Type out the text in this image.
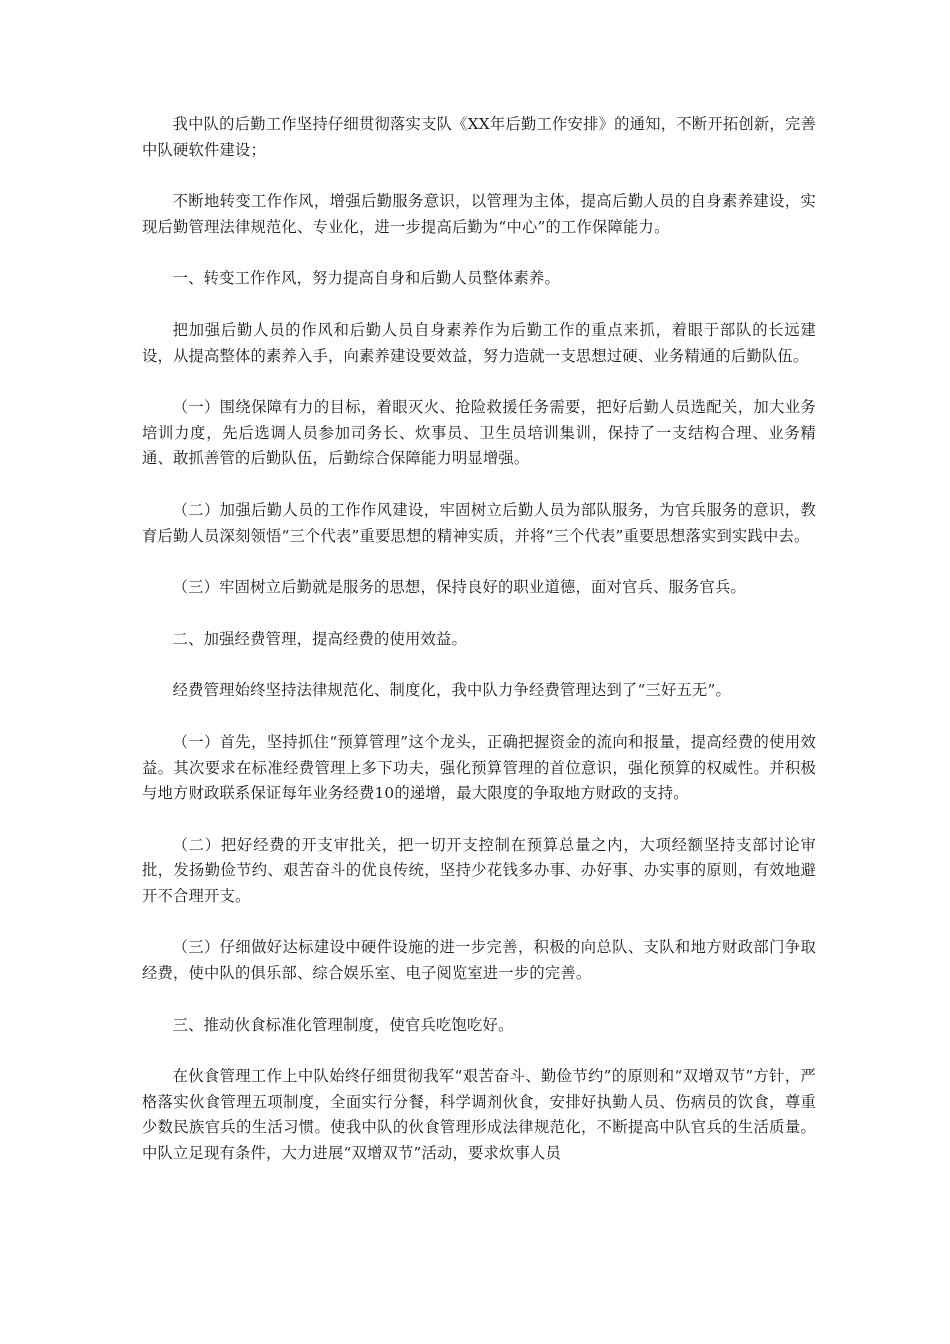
我中队的后勤工作坚持仔细贯彻落实支队《XX年后勤工作安排》的通知，不断开拓创新，完善中队硬软件建设；

不断地转变工作作风，增强后勤服务意识，以管理为主体，提高后勤人员的自身素养建设，实现后勤管理法律规范化、专业化，进一步提高后勤为“中心”的工作保障能力。

一、转变工作作风，努力提高自身和后勤人员整体素养。

把加强后勤人员的作风和后勤人员自身素养作为后勤工作的重点来抓，着眼于部队的长远建设，从提高整体的素养入手，向素养建设要效益，努力造就一支思想过硬、业务精通的后勤队伍。

（一）围绕保障有力的目标，着眼灭火、抢险救援任务需要，把好后勤人员选配关，加大业务培训力度，先后选调人员参加司务长、炊事员、卫生员培训集训，保持了一支结构合理、业务精通、敢抓善管的后勤队伍，后勤综合保障能力明显增强。

（二）加强后勤人员的工作作风建设，牢固树立后勤人员为部队服务，为官兵服务的意识，教育后勤人员深刻领悟“三个代表”重要思想的精神实质，并将“三个代表”重要思想落实到实践中去。

（三）牢固树立后勤就是服务的思想，保持良好的职业道德，面对官兵、服务官兵。

二、加强经费管理，提高经费的使用效益。

经费管理始终坚持法律规范化、制度化，我中队力争经费管理达到了“三好五无”。

（一）首先，坚持抓住“预算管理”这个龙头，正确把握资金的流向和报量，提高经费的使用效益。其次要求在标准经费管理上多下功夫，强化预算管理的首位意识，强化预算的权威性。并积极与地方财政联系保证每年业务经费10的递增，最大限度的争取地方财政的支持。

（二）把好经费的开支审批关，把一切开支控制在预算总量之内，大项经额坚持支部讨论审批，发扬勤俭节约、艰苦奋斗的优良传统，坚持少花钱多办事、办好事、办实事的原则，有效地避开不合理开支。

（三）仔细做好达标建设中硬件设施的进一步完善，积极的向总队、支队和地方财政部门争取经费，使中队的俱乐部、综合娱乐室、电子阅览室进一步的完善。

三、推动伙食标准化管理制度，使官兵吃饱吃好。

在伙食管理工作上中队始终仔细贯彻我军“艰苦奋斗、勤俭节约”的原则和“双增双节”方针，严格落实伙食管理五项制度，全面实行分餐，科学调剂伙食，安排好执勤人员、伤病员的饮食，尊重少数民族官兵的生活习惯。使我中队的伙食管理形成法律规范化，不断提高中队官兵的生活质量。中队立足现有条件，大力进展“双增双节”活动，要求炊事人员
